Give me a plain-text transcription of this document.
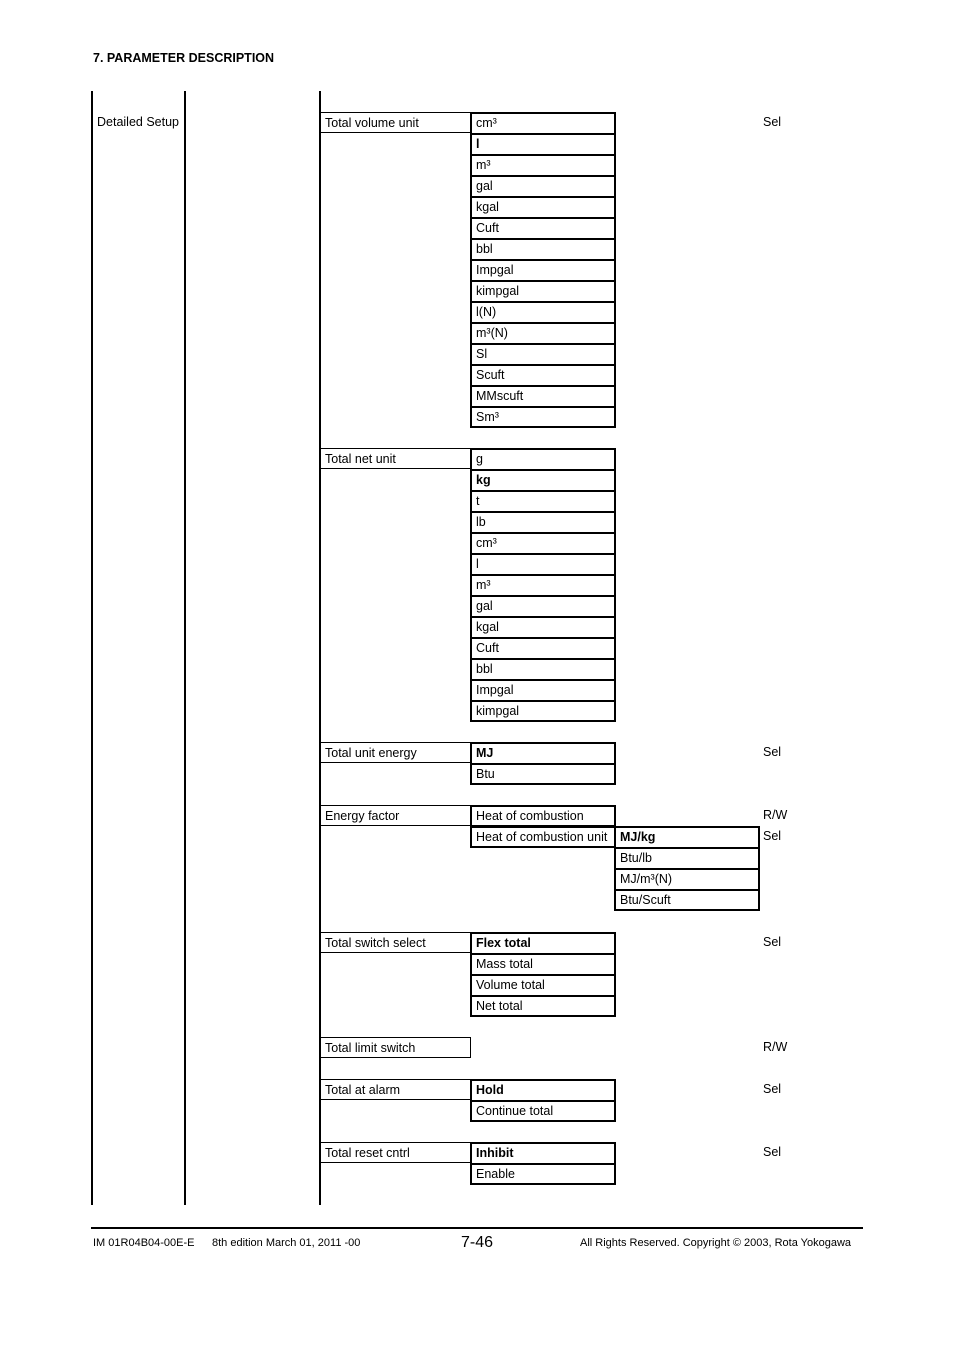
7. PARAMETER DESCRIPTION
Detailed Setup	Total volume unit	cm³
l
m³
gal
kgal
Cuft
bbl
Impgal
kimpgal
l(N)
m³(N)
Sl
Scuft
MMscuft
Sm³
Sel
Total net unit	g
kg
t
lb
cm³
l
m³
gal
kgal
Cuft
bbl
Impgal
kimpgal
Total unit energy	MJ
Btu
Sel
Energy factor	Heat of combustion	R/W
Heat of combustion unit	MJ/kg
Btu/lb
MJ/m³(N)
Btu/Scuft
Sel
Total switch select	Flex total
Mass total
Volume total
Net total
Sel
Total limit switch	R/W
Total at alarm	Hold
Continue total
Sel
Total reset cntrl	Inhibit
Enable
Sel
IM 01R04B04-00E-E 8th edition March 01, 2011 -00	7-46	All Rights Reserved. Copyright © 2003, Rota Yokogawa
